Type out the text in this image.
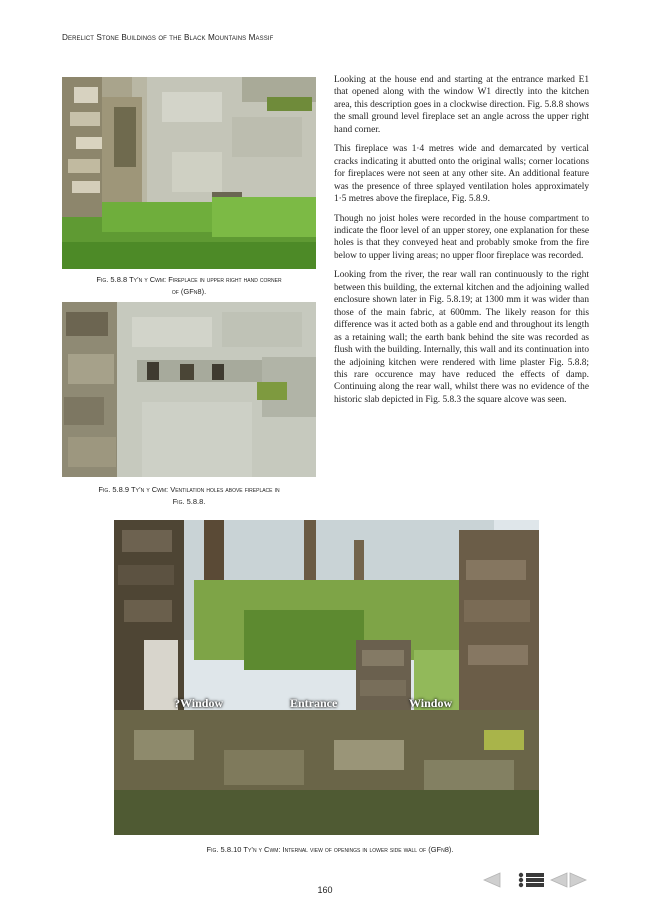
Derelict Stone Buildings of the Black Mountains Massif
Fig. 5.8.8 Ty’n y Cwm: Fireplace in upper right hand corner
of (GFn8).
Fig. 5.8.9 Ty’n y Cwm: Ventilation holes above fireplace in
Fig. 5.8.8.

Looking at the house end and starting at the entrance marked E1 that opened along with the window W1 directly into the kitchen area, this description goes in a clockwise direction. Fig. 5.8.8 shows the small ground level fireplace set an angle across the upper right hand corner.

This fireplace was 1·4 metres wide and demarcated by vertical cracks indicating it abutted onto the original walls; corner locations for fireplaces were not seen at any other site. An additional feature was the presence of three splayed ventilation holes approximately 1·5 metres above the fireplace, Fig. 5.8.9.

Though no joist holes were recorded in the house compartment to indicate the floor level of an upper storey, one explanation for these holes is that they conveyed heat and probably smoke from the fire below to upper living areas; no upper floor fireplace was recorded.

Looking from the river, the rear wall ran continuously to the right between this building, the external kitchen and the adjoining walled enclosure shown later in Fig. 5.8.19; at 1300 mm it was wider than those of the main fabric, at 600mm. The likely reason for this difference was it acted both as a gable end and throughout its length as a retaining wall; the earth bank behind the site was recorded as flush with the building. Internally, this wall and its continuation into the adjoining kitchen were rendered with lime plaster Fig. 5.8.8; this rare occurence may have reduced the effects of damp. Continuing along the rear wall, whilst there was no evidence of the historic slab depicted in Fig. 5.8.3 the square alcove was seen.

?Window	Entrance	Window
Fig. 5.8.10 Ty’n y Cwm: Internal view of openings in lower side wall of (GFn8).
160
